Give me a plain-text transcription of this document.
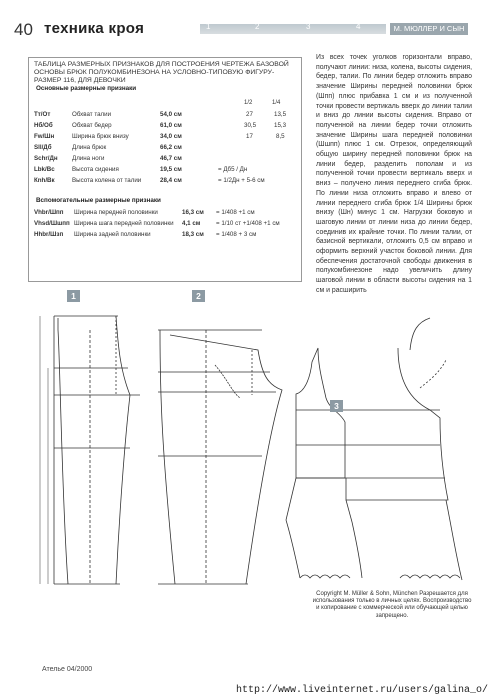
40 техника кроя	1	2	3	4	М. МЮЛЛЕР И СЫН
ТАБЛИЦА РАЗМЕРНЫХ ПРИЗНАКОВ ДЛЯ ПОСТРОЕНИЯ ЧЕРТЕЖА БАЗОВОЙ ОСНОВЫ БРЮК ПОЛУКОМБИНЕЗОНА НА УСЛОВНО-ТИПОВУЮ ФИГУРУ-РАЗМЕР 116, ДЛЯ ДЕВОЧКИ
Основные размерные признаки
1/2	1/4
Тт/От	Обхват талии	54,0 см	27	13,5
Нб/Об	Обхват бедер	61,0 см	30,5	15,3
Fw/Шн	Ширина брюк внизу	34,0 см	17	8,5
Sll/Дб	Длина брюк	66,2 см
Schr/Дн Длина ноги	46,7 см
Lbk/Вс	Высота сидения	19,5 см	= Дб5 / Дн
Кnh/Вк	Высота колена от талии	28,4 см	= 1/2Дн + 5-6 см
Вспомогательные размерные признаки
Vhbr/Шпп Ширина передней половинки	16,3 см = 1/408 +1 см
Vhsd/Шшпп Ширина шага передней половинки 4,1 см	= 1/10 ст +1/408 +1 см
Hhbr/Шзп Ширина задней половинки	18,3 см = 1/408 + 3 см
Из всех точек уголков горизонтали вправо, получают линии: низа, колена, высоты сидения, бедер, талии. По линии бедер отложить вправо значение Ширины передней половинки брюк (Шпп) плюс прибавка 1 см и из полученной точки провести вертикаль вверх до линии талии и вниз до линии высоты сидения. Вправо от полученной на линии бедер точки отложить значение Ширины шага передней половинки (Шшпп) плюс 1 см. Отрезок, определяющий общую ширину передней половинки брюк на линии бедер, разделить пополам и из полученной точки провести вертикаль вверх и вниз – получено линия переднего сгиба брюк. По линии низа отложить вправо и влево от линии переднего сгиба брюк 1/4 Ширины брюк внизу (Шн) минус 1 см. Нагрузки боковую и шаговую линии от линии низа до линии бедер, соединив их крайние точки. По линии талии, от базисной вертикали, отложить 0,5 см вправо и оформить верхний участок боковой линии. Для обеспечения достаточной свободы движения в полукомбинезоне надо увеличить длину шаговой линии в области высоты сидения на 1 см и расширить
1	2
3
Copyright M. Müller & Sohn, München Разрешается для использования только в личных целях. Воспроизводство и копирование с коммерческой или обучающей целью запрещено.
Ателье 04/2000
http://www.liveinternet.ru/users/galina_o/
